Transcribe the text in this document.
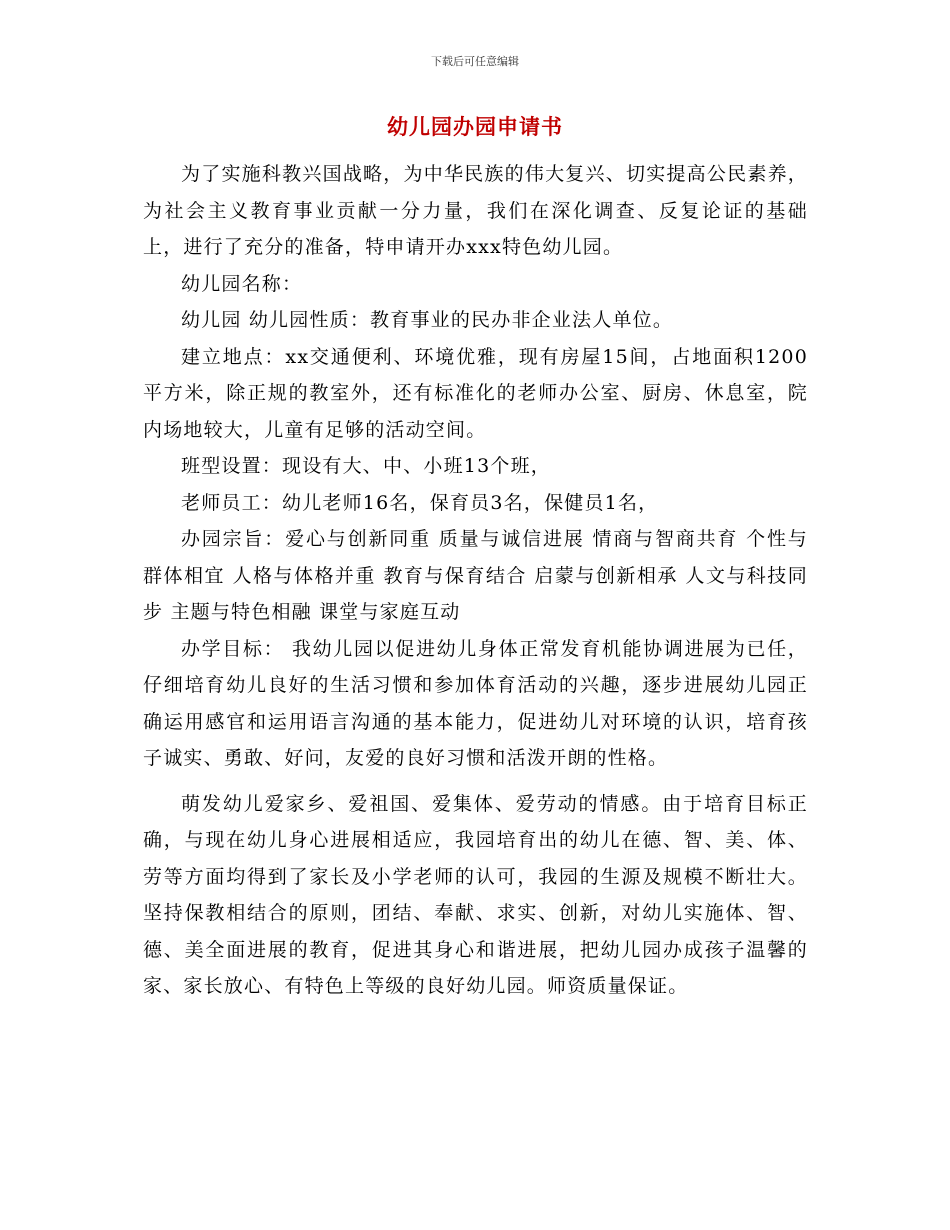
下载后可任意编辑
幼儿园办园申请书

为了实施科教兴国战略，为中华民族的伟大复兴、切实提高公民素养，为社会主义教育事业贡献一分力量，我们在深化调查、反复论证的基础上，进行了充分的准备，特申请开办xxx特色幼儿园。

幼儿园名称：

幼儿园 幼儿园性质：教育事业的民办非企业法人单位。

建立地点：xx交通便利、环境优雅，现有房屋15间，占地面积1200平方米，除正规的教室外，还有标准化的老师办公室、厨房、休息室，院内场地较大，儿童有足够的活动空间。

班型设置：现设有大、中、小班13个班，

老师员工：幼儿老师16名，保育员3名，保健员1名，

办园宗旨：爱心与创新同重 质量与诚信进展 情商与智商共育 个性与群体相宜 人格与体格并重 教育与保育结合 启蒙与创新相承 人文与科技同步 主题与特色相融 课堂与家庭互动

办学目标： 我幼儿园以促进幼儿身体正常发育机能协调进展为已任，仔细培育幼儿良好的生活习惯和参加体育活动的兴趣，逐步进展幼儿园正确运用感官和运用语言沟通的基本能力，促进幼儿对环境的认识，培育孩子诚实、勇敢、好问，友爱的良好习惯和活泼开朗的性格。

萌发幼儿爱家乡、爱祖国、爱集体、爱劳动的情感。由于培育目标正确，与现在幼儿身心进展相适应，我园培育出的幼儿在德、智、美、体、劳等方面均得到了家长及小学老师的认可，我园的生源及规模不断壮大。 坚持保教相结合的原则，团结、奉献、求实、创新，对幼儿实施体、智、德、美全面进展的教育，促进其身心和谐进展，把幼儿园办成孩子温馨的家、家长放心、有特色上等级的良好幼儿园。师资质量保证。
